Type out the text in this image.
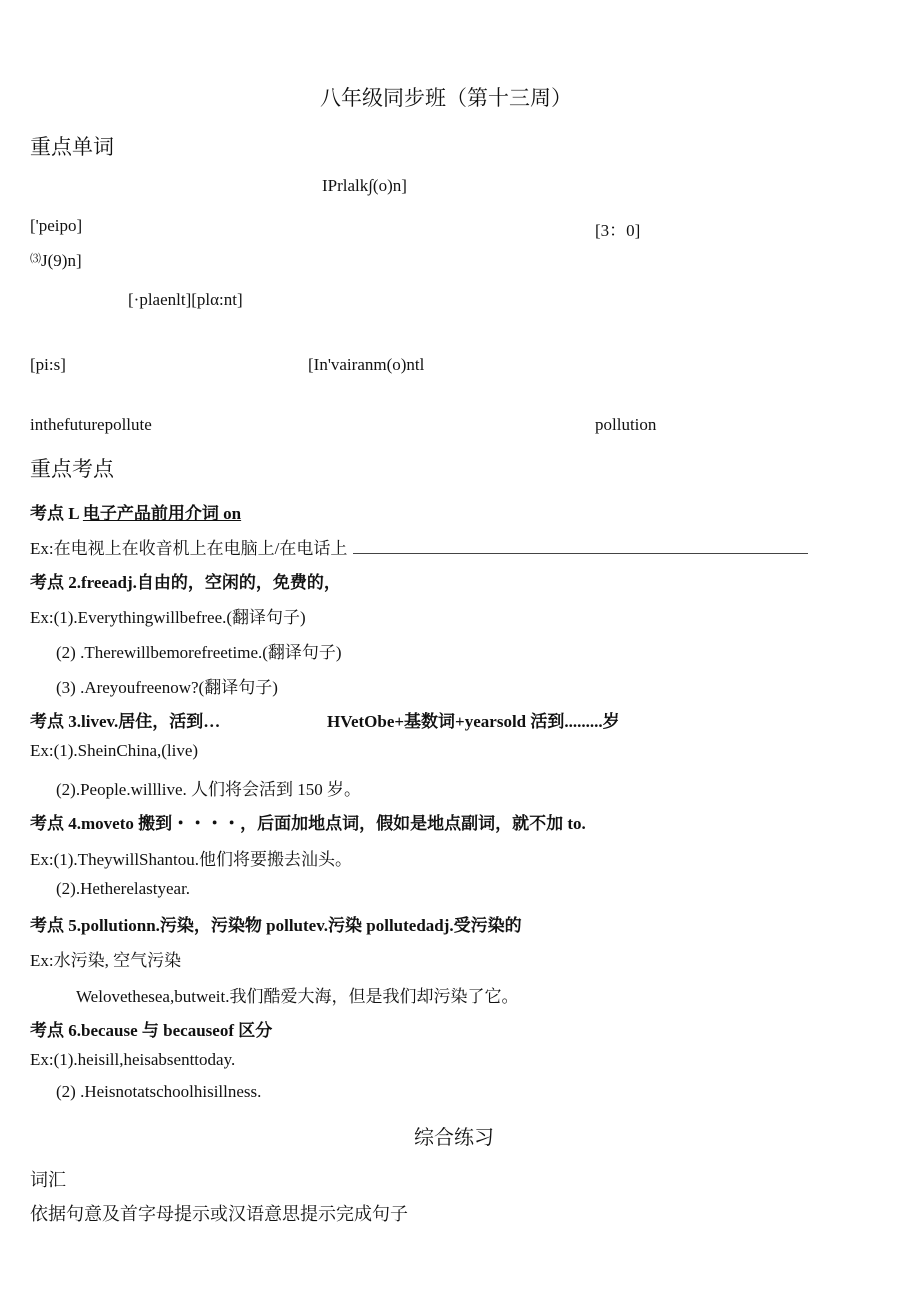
八年级同步班（第十三周）
重点单词
IPrlalk∫(o)n]
['peipo]	[3：0]
⑶J(9)n]
[·plaenlt][plα:nt]
[pi:s]	[In'vairanm(o)ntl
inthefuturepollute	pollution
重点考点
考点 L 电子产品前用介词 on
Ex:在电视上在收音机上在电脑上/在电话上
考点 2.freeadj.自由的，空闲的，免费的，
Ex:(1).Everythingwillbefree.(翻译句子)
(2) .Therewillbemorefreetime.(翻译句子)
(3) .Areyoufreenow?(翻译句子)
考点 3.livev.居住，活到…	HVetObe+基数词+yearsold 活到.........岁
Ex:(1).SheinChina,(live)
(2).People.willlive. 人们将会活到 150 岁。
考点 4.moveto 搬到・・・・，后面加地点词，假如是地点副词，就不加 to.
Ex:(1).TheywillShantou.他们将要搬去汕头。
(2).Hetherelastyear.
考点 5.pollutionn.污染，污染物 pollutev.污染 pollutedadj.受污染的
Ex:水污染, 空气污染
Welovethesea,butweit.我们酷爱大海，但是我们却污染了它。
考点 6.because 与 becauseof 区分
Ex:(1).heisill,heisabsenttoday.
(2) .Heisnotatschoolhisillness.
综合练习
词汇
依据句意及首字母提示或汉语意思提示完成句子
